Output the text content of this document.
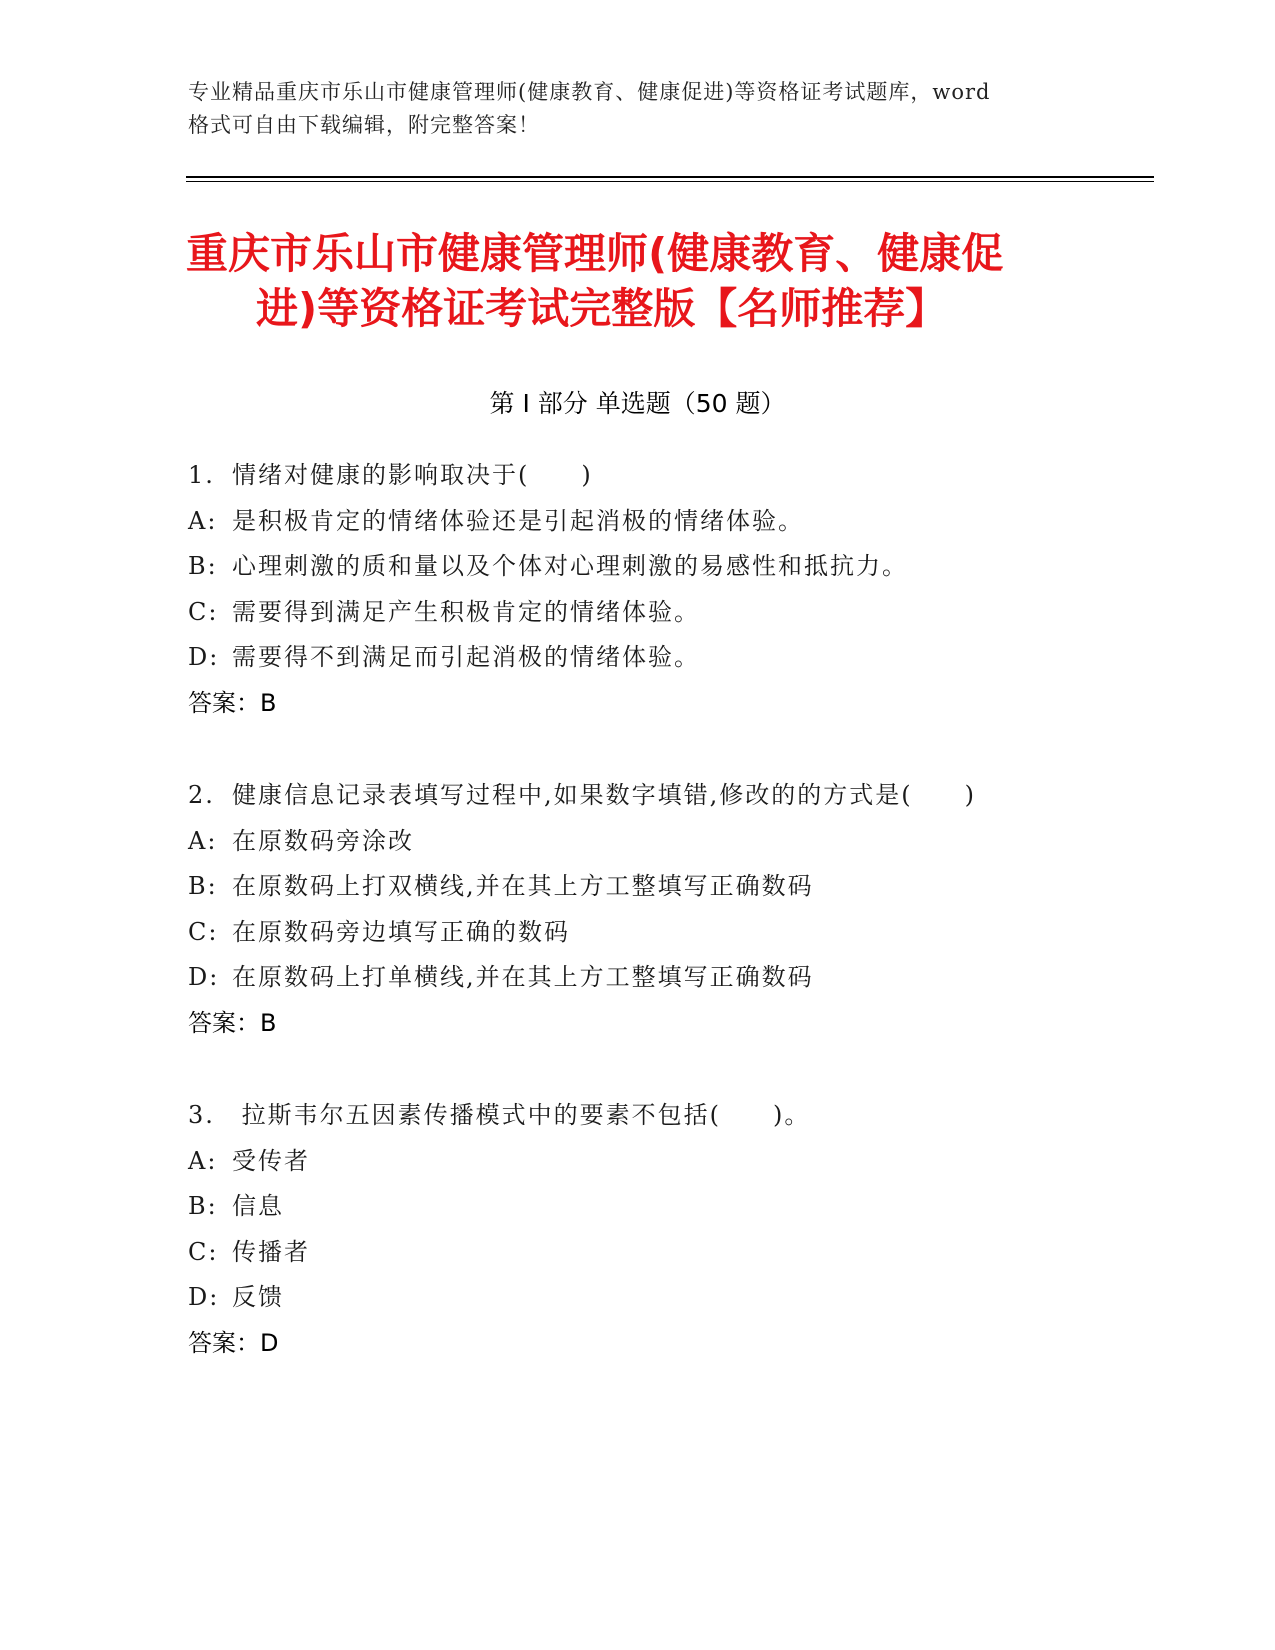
专业精品重庆市乐山市健康管理师(健康教育、健康促进)等资格证考试题库，word
格式可自由下载编辑，附完整答案！
重庆市乐山市健康管理师(健康教育、健康促
进)等资格证考试完整版【名师推荐】
第 I 部分 单选题（50 题）
1. 情绪对健康的影响取决于(　　)
A: 是积极肯定的情绪体验还是引起消极的情绪体验。
B: 心理刺激的质和量以及个体对心理刺激的易感性和抵抗力。
C: 需要得到满足产生积极肯定的情绪体验。
D: 需要得不到满足而引起消极的情绪体验。
答案：B
2. 健康信息记录表填写过程中,如果数字填错,修改的的方式是(　　)
A: 在原数码旁涂改
B: 在原数码上打双横线,并在其上方工整填写正确数码
C: 在原数码旁边填写正确的数码
D: 在原数码上打单横线,并在其上方工整填写正确数码
答案：B
3. 拉斯韦尔五因素传播模式中的要素不包括(　　)。
A: 受传者
B: 信息
C: 传播者
D: 反馈
答案：D
